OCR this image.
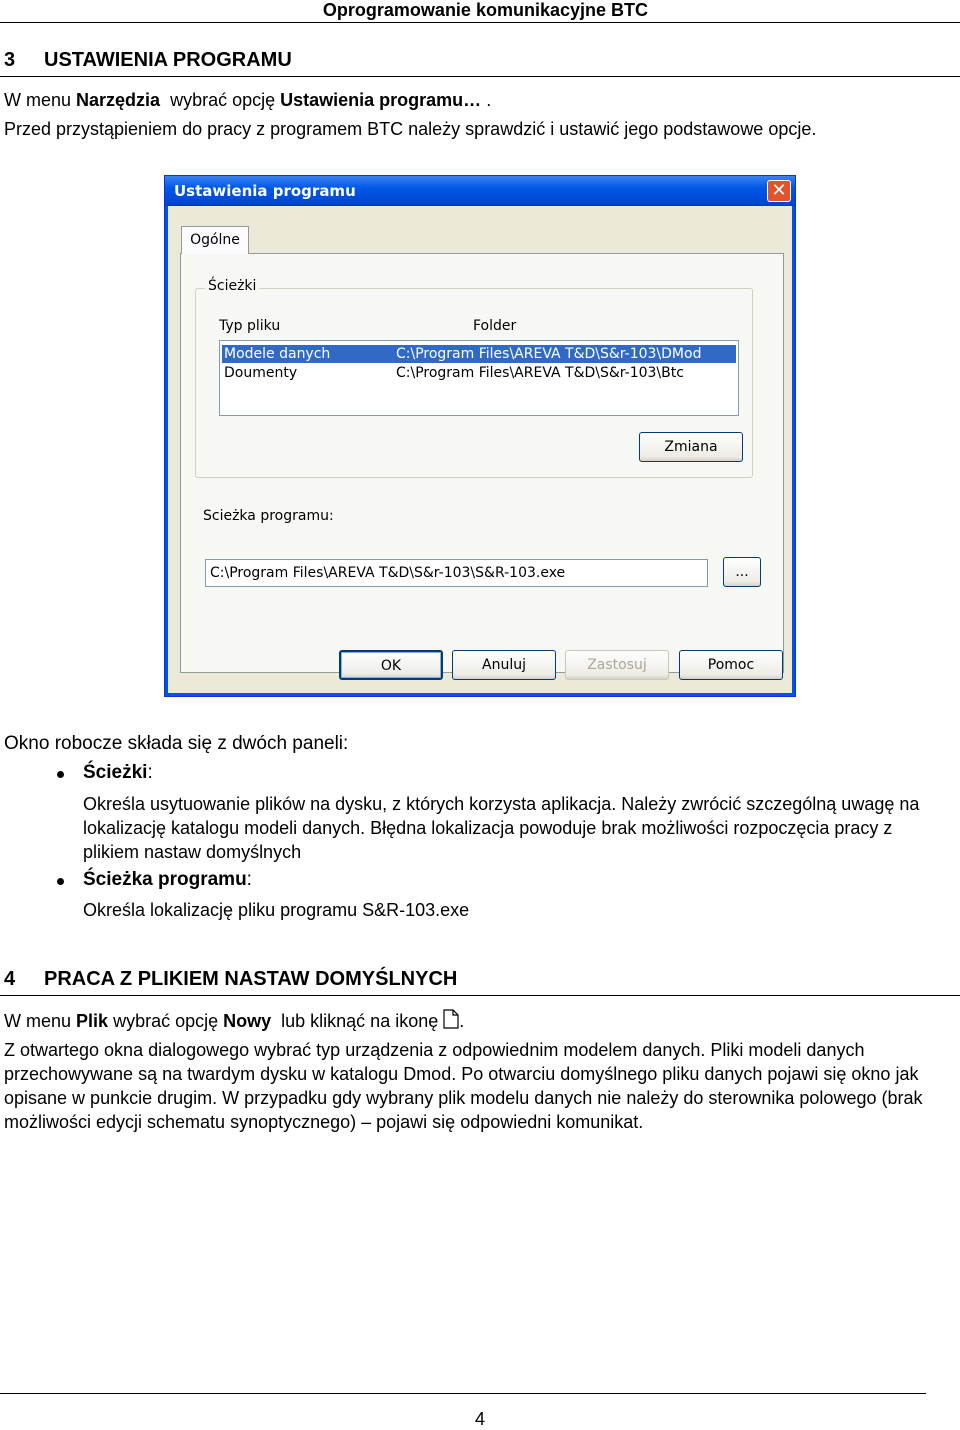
Oprogramowanie komunikacyjne BTC
3 USTAWIENIA PROGRAMU
W menu Narzędzia  wybrać opcję Ustawienia programu… .
Przed przystąpieniem do pracy z programem BTC należy sprawdzić i ustawić jego podstawowe opcje.
Ustawienia programu	✕
Ogólne
Ścieżki
Typ pliku	Folder
Modele danych	C:\Program Files\AREVA T&D\S&r-103\DMod
Doumenty	C:\Program Files\AREVA T&D\S&r-103\Btc
Zmiana
Scieżka programu:
C:\Program Files\AREVA T&D\S&r-103\S&R-103.exe	...
OK	Anuluj	Zastosuj	Pomoc
Okno robocze składa się z dwóch paneli:
Ścieżki:
Określa usytuowanie plików na dysku, z których korzysta aplikacja. Należy zwrócić szczególną uwagę na lokalizację katalogu modeli danych. Błędna lokalizacja powoduje brak możliwości rozpoczęcia pracy z plikiem nastaw domyślnych
Ścieżka programu:
Określa lokalizację pliku programu S&R-103.exe
4 PRACA Z PLIKIEM NASTAW DOMYŚLNYCH
W menu Plik wybrać opcję Nowy  lub kliknąć na ikonę .
Z otwartego okna dialogowego wybrać typ urządzenia z odpowiednim modelem danych. Pliki modeli danych przechowywane są na twardym dysku w katalogu Dmod. Po otwarciu domyślnego pliku danych pojawi się okno jak opisane w punkcie drugim. W przypadku gdy wybrany plik modelu danych nie należy do sterownika polowego (brak możliwości edycji schematu synoptycznego) – pojawi się odpowiedni komunikat.
4
